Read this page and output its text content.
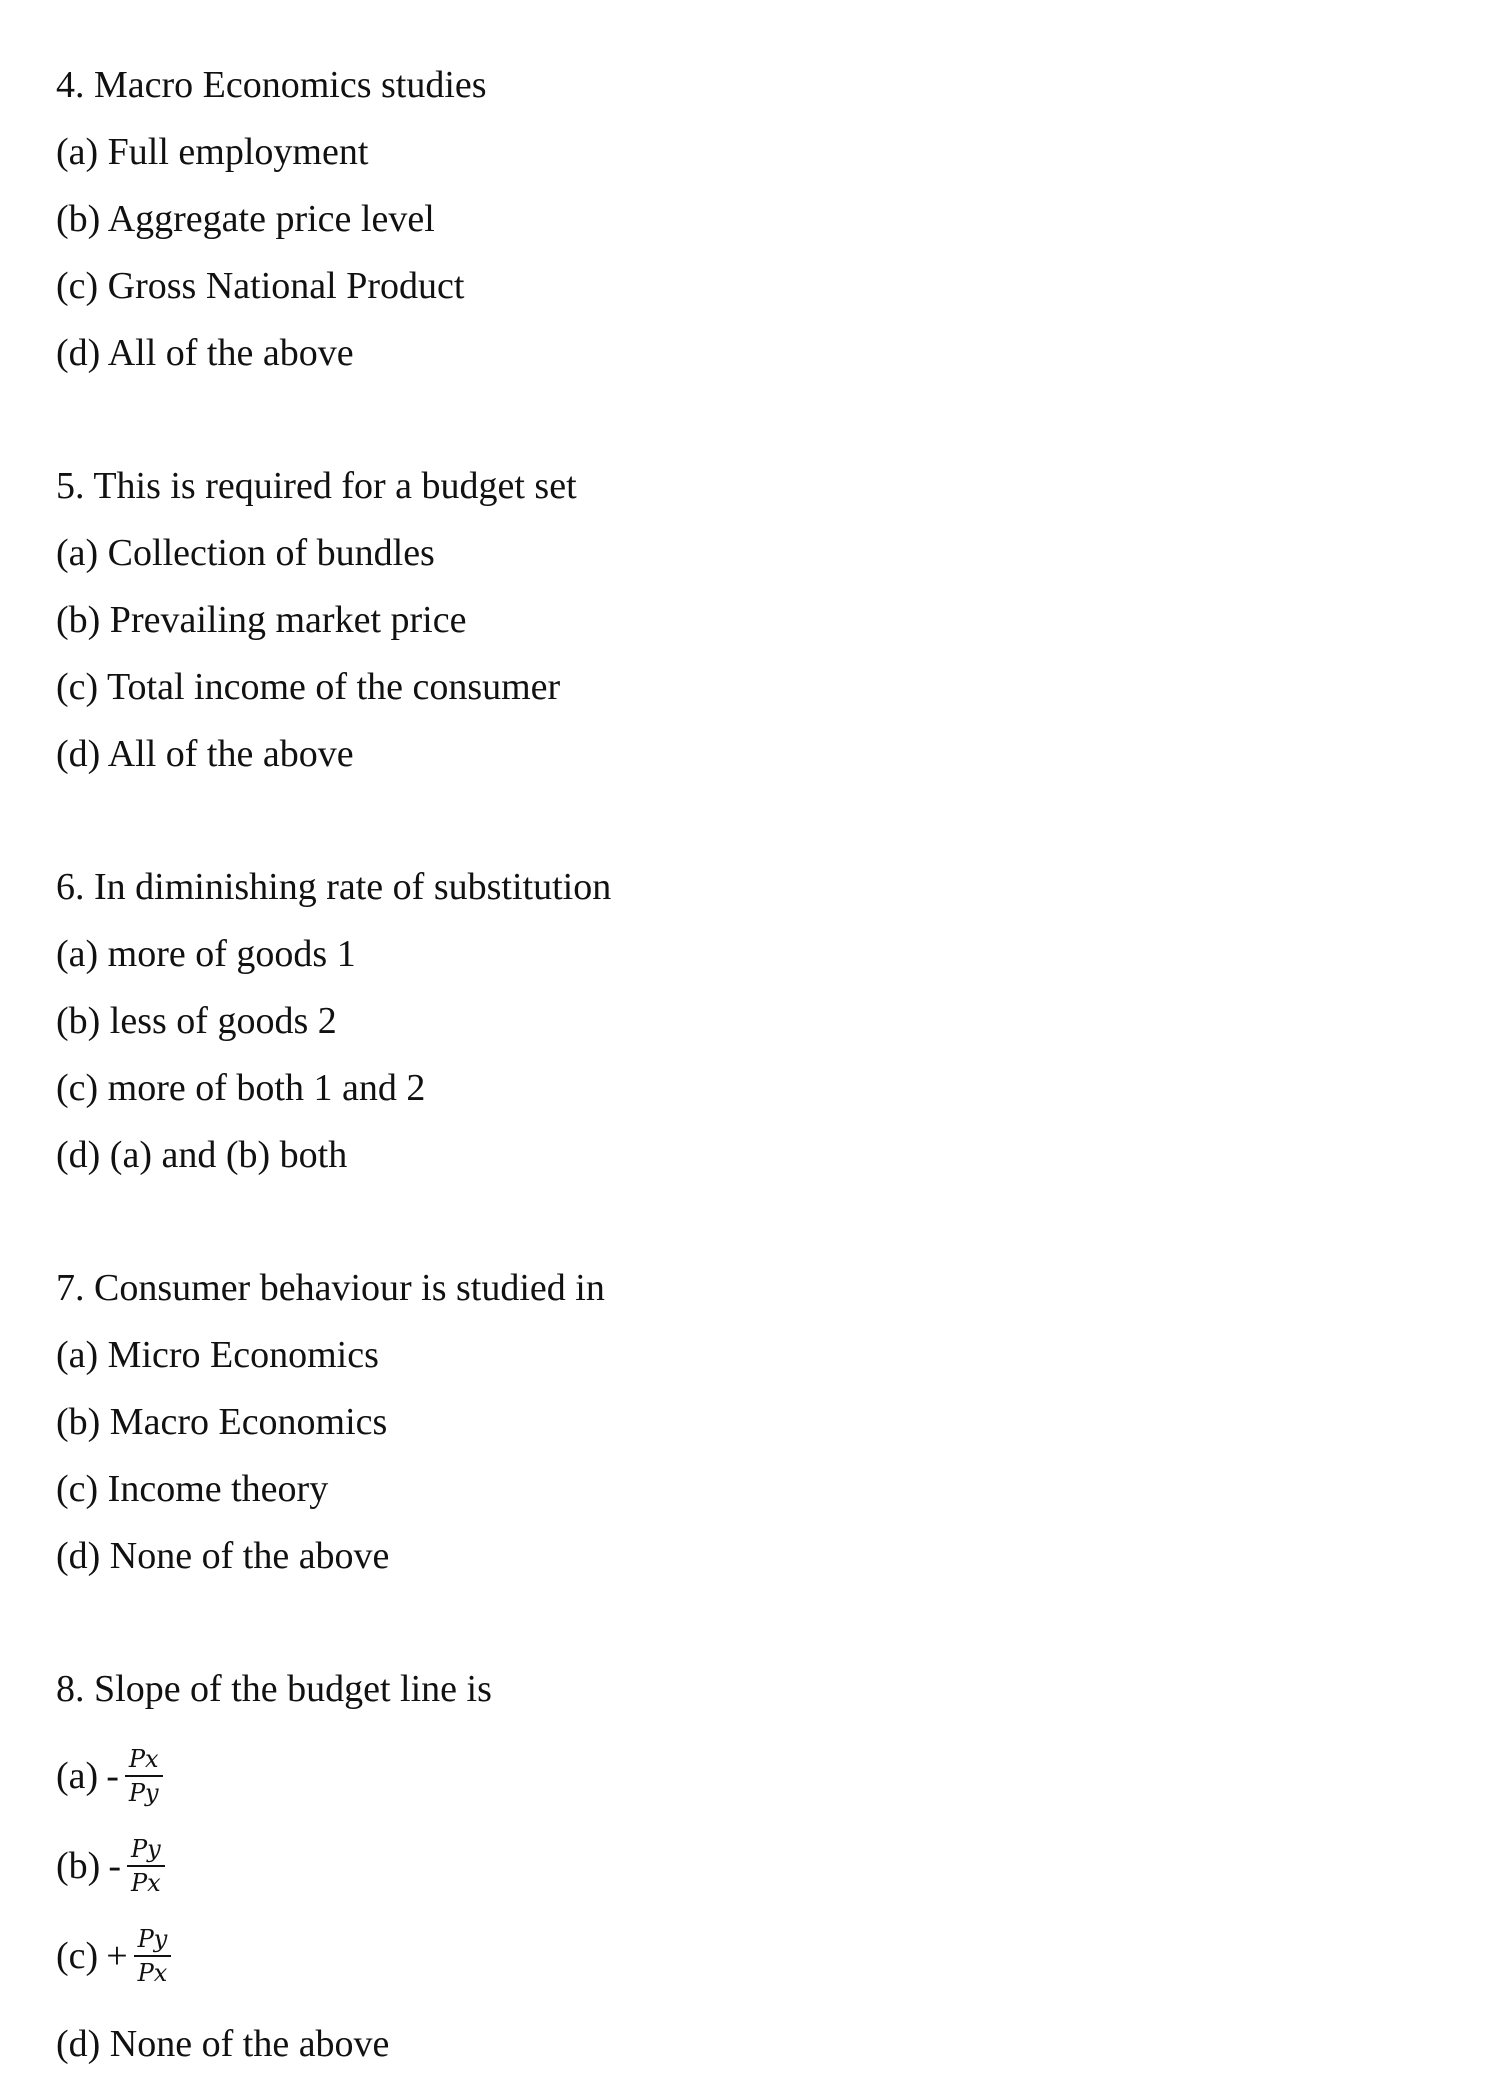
4. Macro Economics studies
(a) Full employment
(b) Aggregate price level
(c) Gross National Product
(d) All of the above
5. This is required for a budget set
(a) Collection of bundles
(b) Prevailing market price
(c) Total income of the consumer
(d) All of the above
6. In diminishing rate of substitution
(a) more of goods 1
(b) less of goods 2
(c) more of both 1 and 2
(d) (a) and (b) both
7. Consumer behaviour is studied in
(a) Micro Economics
(b) Macro Economics
(c) Income theory
(d) None of the above
8. Slope of the budget line is
$(a) - \frac{Px}{Py}$
$(b) - \frac{Py}{Px}$
$(c) + \frac{Py}{Px}$
(d) None of the above
